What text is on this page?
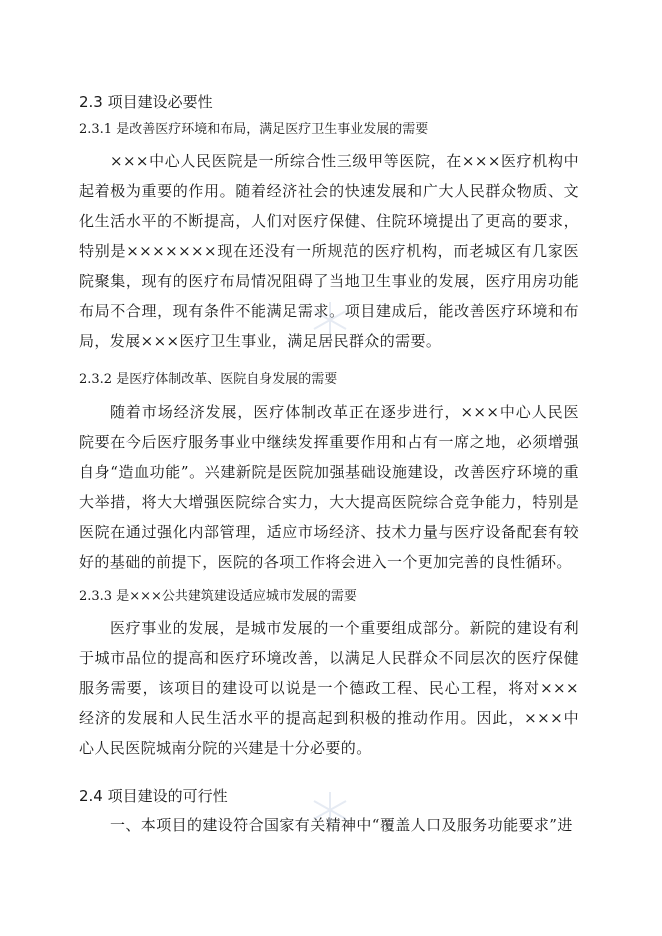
2.3 项目建设必要性
2.3.1 是改善医疗环境和布局，满足医疗卫生事业发展的需要
×××中心人民医院是一所综合性三级甲等医院，在×××医疗机构中起着极为重要的作用。随着经济社会的快速发展和广大人民群众物质、文化生活水平的不断提高，人们对医疗保健、住院环境提出了更高的要求，特别是×××××××现在还没有一所规范的医疗机构，而老城区有几家医院聚集，现有的医疗布局情况阻碍了当地卫生事业的发展，医疗用房功能布局不合理，现有条件不能满足需求。项目建成后，能改善医疗环境和布局，发展×××医疗卫生事业，满足居民群众的需要。
2.3.2 是医疗体制改革、医院自身发展的需要
随着市场经济发展，医疗体制改革正在逐步进行，×××中心人民医院要在今后医疗服务事业中继续发挥重要作用和占有一席之地，必须增强自身“造血功能”。兴建新院是医院加强基础设施建设，改善医疗环境的重大举措，将大大增强医院综合实力，大大提高医院综合竞争能力，特别是医院在通过强化内部管理，适应市场经济、技术力量与医疗设备配套有较好的基础的前提下，医院的各项工作将会进入一个更加完善的良性循环。
2.3.3 是×××公共建筑建设适应城市发展的需要
医疗事业的发展，是城市发展的一个重要组成部分。新院的建设有利于城市品位的提高和医疗环境改善，以满足人民群众不同层次的医疗保健服务需要，该项目的建设可以说是一个德政工程、民心工程，将对×××经济的发展和人民生活水平的提高起到积极的推动作用。因此，×××中心人民医院城南分院的兴建是十分必要的。
2.4 项目建设的可行性
一、本项目的建设符合国家有关精神中“覆盖人口及服务功能要求”进
